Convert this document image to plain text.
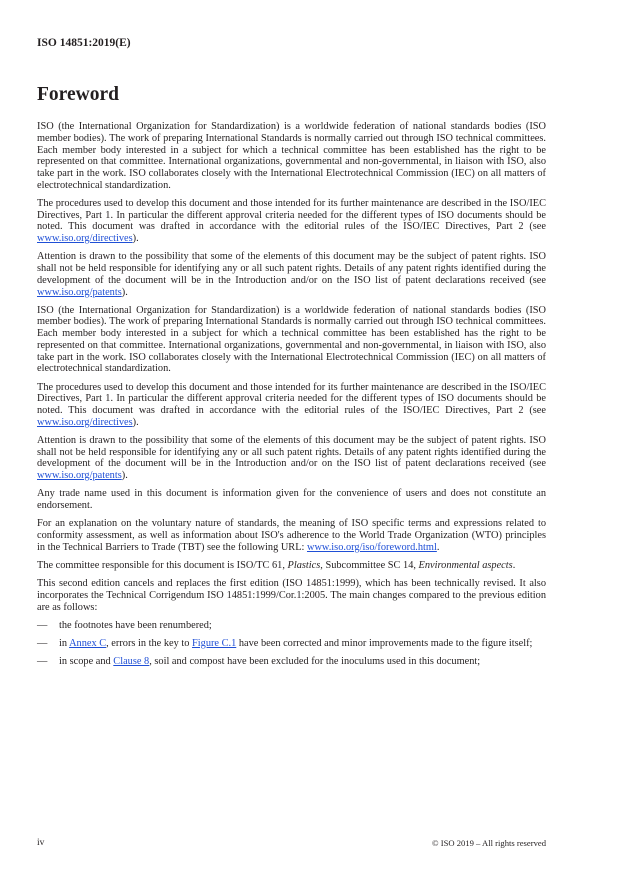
ISO 14851:2019(E)
Foreword

ISO (the International Organization for Standardization) is a worldwide federation of national standards bodies (ISO member bodies). The work of preparing International Standards is normally carried out through ISO technical committees. Each member body interested in a subject for which a technical committee has been established has the right to be represented on that committee. International organizations, governmental and non-governmental, in liaison with ISO, also take part in the work. ISO collaborates closely with the International Electrotechnical Commission (IEC) on all matters of electrotechnical standardization.

The procedures used to develop this document and those intended for its further maintenance are described in the ISO/IEC Directives, Part 1. In particular the different approval criteria needed for the different types of ISO documents should be noted. This document was drafted in accordance with the editorial rules of the ISO/IEC Directives, Part 2 (see www.iso.org/directives).

Attention is drawn to the possibility that some of the elements of this document may be the subject of patent rights. ISO shall not be held responsible for identifying any or all such patent rights. Details of any patent rights identified during the development of the document will be in the Introduction and/or on the ISO list of patent declarations received (see www.iso.org/patents).

ISO (the International Organization for Standardization) is a worldwide federation of national standards bodies (ISO member bodies). The work of preparing International Standards is normally carried out through ISO technical committees. Each member body interested in a subject for which a technical committee has been established has the right to be represented on that committee. International organizations, governmental and non-governmental, in liaison with ISO, also take part in the work. ISO collaborates closely with the International Electrotechnical Commission (IEC) on all matters of electrotechnical standardization.

The procedures used to develop this document and those intended for its further maintenance are described in the ISO/IEC Directives, Part 1. In particular the different approval criteria needed for the different types of ISO documents should be noted. This document was drafted in accordance with the editorial rules of the ISO/IEC Directives, Part 2 (see www.iso.org/directives).

Attention is drawn to the possibility that some of the elements of this document may be the subject of patent rights. ISO shall not be held responsible for identifying any or all such patent rights. Details of any patent rights identified during the development of the document will be in the Introduction and/or on the ISO list of patent declarations received (see www.iso.org/patents).

Any trade name used in this document is information given for the convenience of users and does not constitute an endorsement.

For an explanation on the voluntary nature of standards, the meaning of ISO specific terms and expressions related to conformity assessment, as well as information about ISO's adherence to the World Trade Organization (WTO) principles in the Technical Barriers to Trade (TBT) see the following URL: www.iso.org/iso/foreword.html.

The committee responsible for this document is ISO/TC 61, Plastics, Subcommittee SC 14, Environmental aspects.

This second edition cancels and replaces the first edition (ISO 14851:1999), which has been technically revised. It also incorporates the Technical Corrigendum ISO 14851:1999/Cor.1:2005. The main changes compared to the previous edition are as follows:

— the footnotes have been renumbered;
— in Annex C, errors in the key to Figure C.1 have been corrected and minor improvements made to the figure itself;
— in scope and Clause 8, soil and compost have been excluded for the inoculums used in this document;
iv	© ISO 2019 – All rights reserved
